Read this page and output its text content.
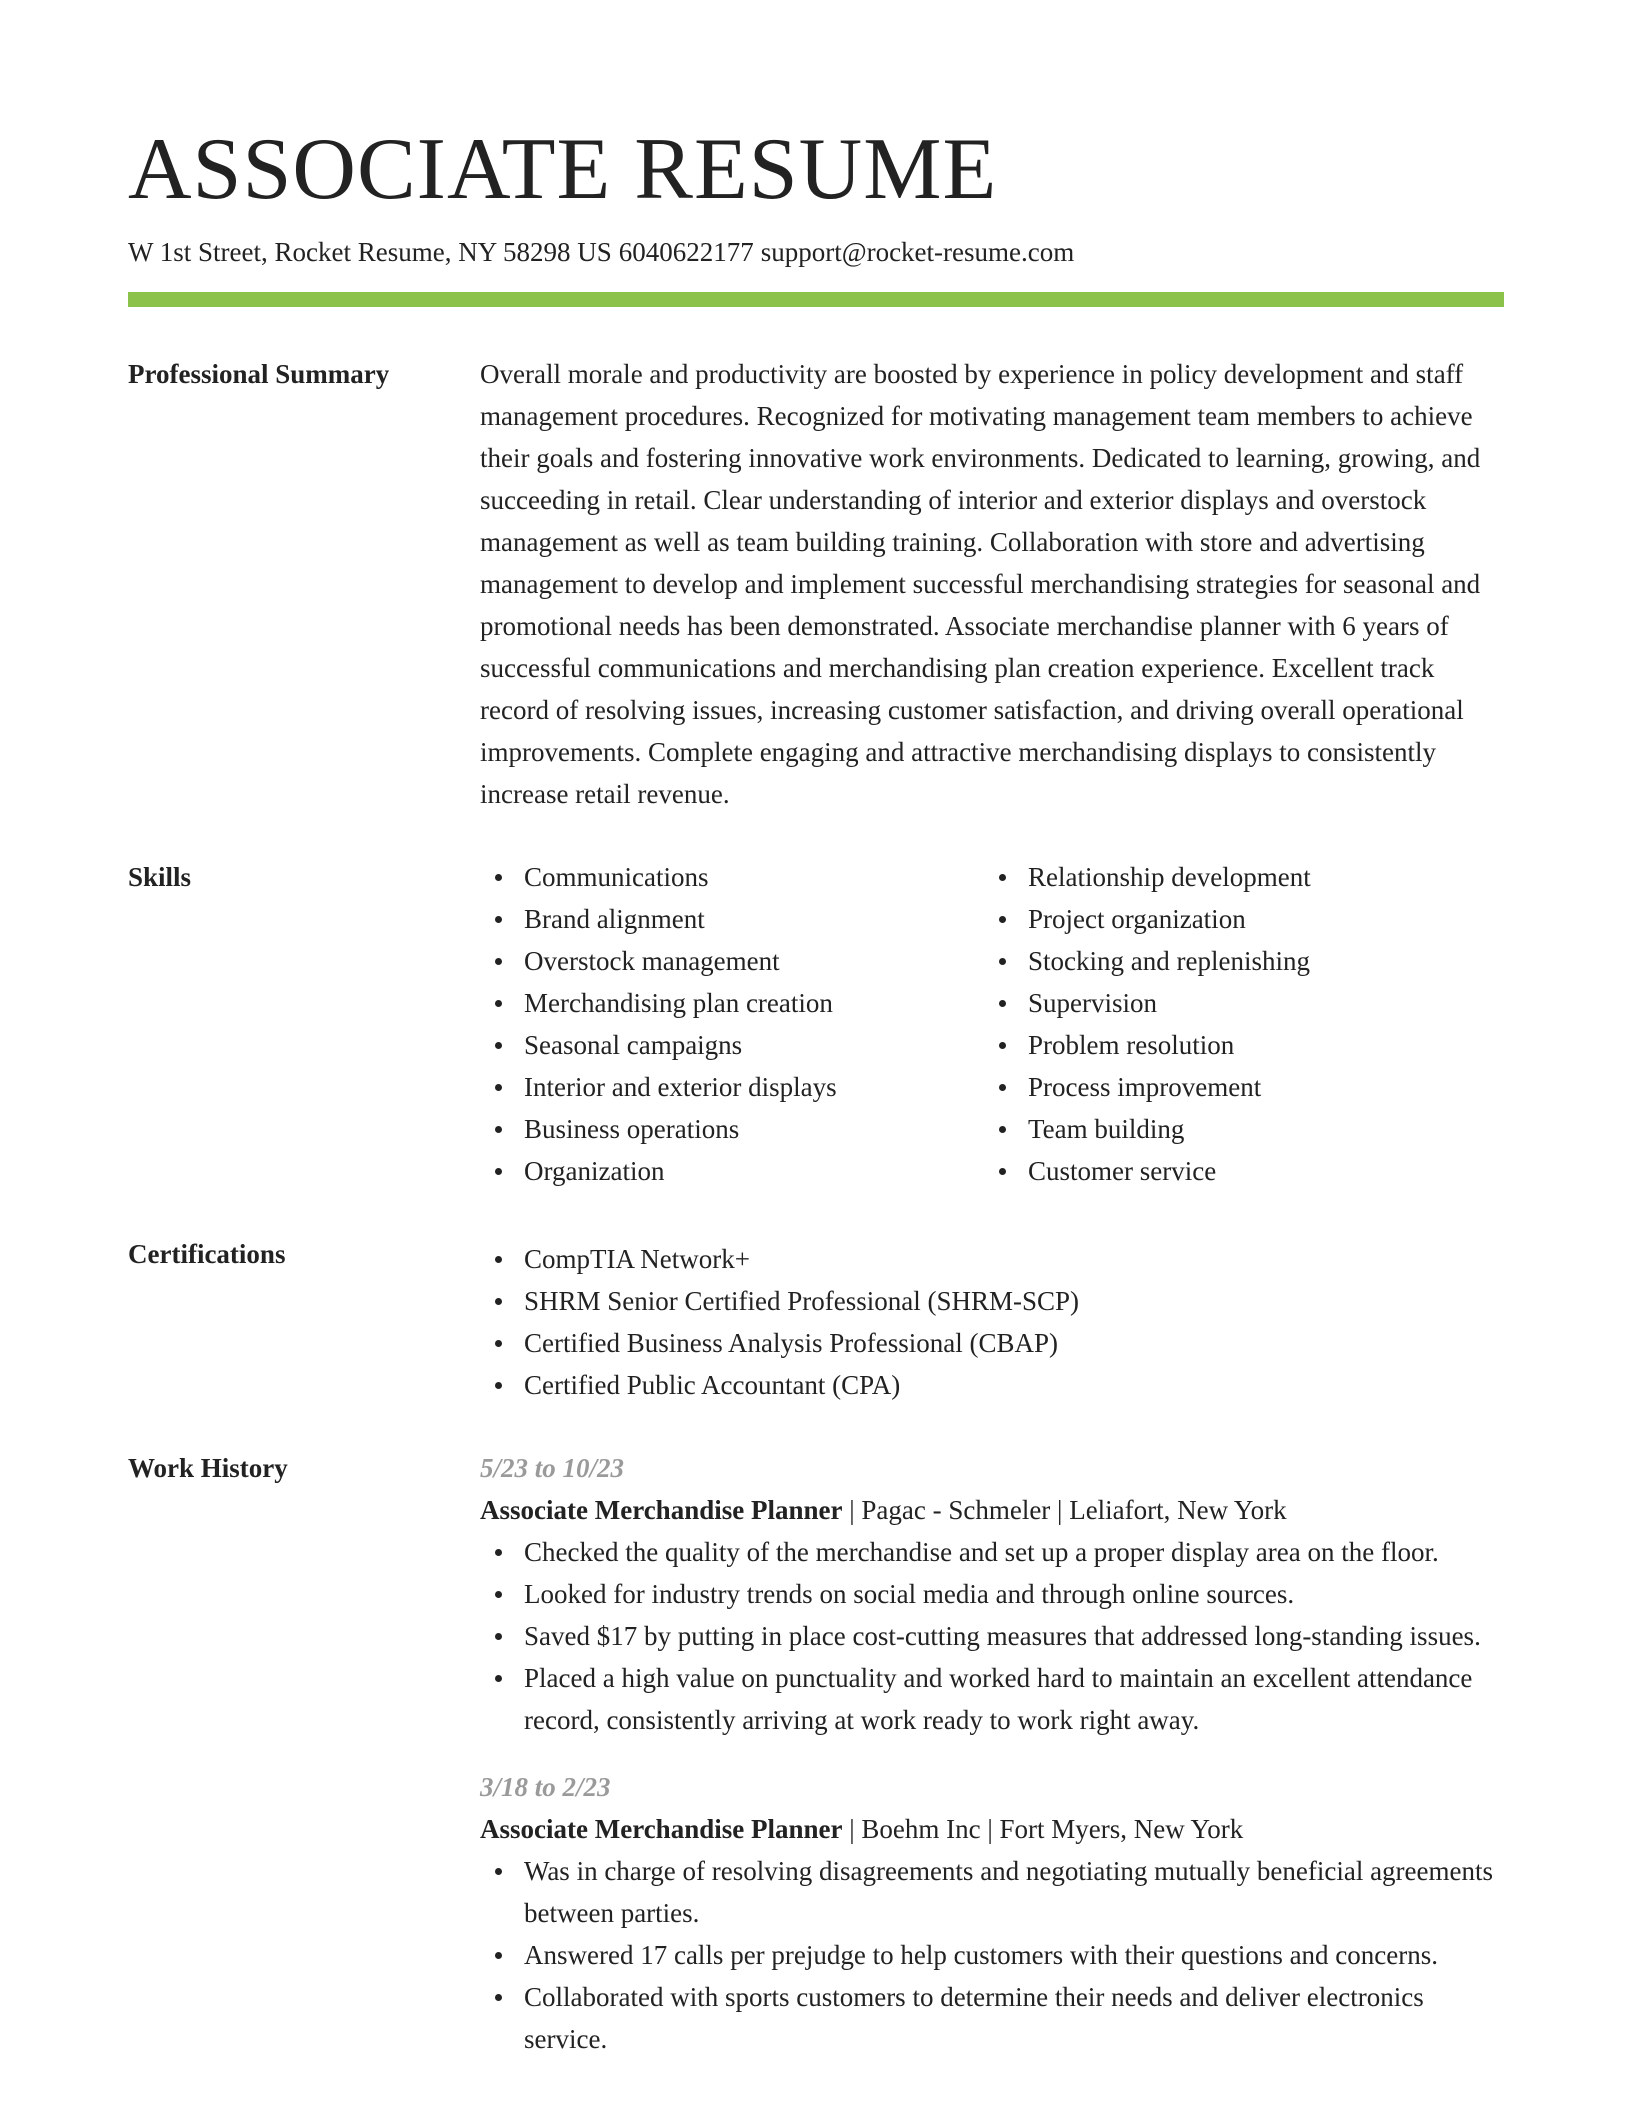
ASSOCIATE RESUME
W 1st Street, Rocket Resume, NY 58298 US 6040622177 support@rocket-resume.com
Professional Summary	Overall morale and productivity are boosted by experience in policy development and staff management procedures. Recognized for motivating management team members to achieve their goals and fostering innovative work environments. Dedicated to learning, growing, and succeeding in retail. Clear understanding of interior and exterior displays and overstock management as well as team building training. Collaboration with store and advertising management to develop and implement successful merchandising strategies for seasonal and promotional needs has been demonstrated. Associate merchandise planner with 6 years of successful communications and merchandising plan creation experience. Excellent track record of resolving issues, increasing customer satisfaction, and driving overall operational improvements. Complete engaging and attractive merchandising displays to consistently increase retail revenue.

Skills	Communications
Brand alignment
Overstock management
Merchandising plan creation
Seasonal campaigns
Interior and exterior displays
Business operations
Organization
Relationship development
Project organization
Stocking and replenishing
Supervision
Problem resolution
Process improvement
Team building
Customer service
Certifications	CompTIA Network+
SHRM Senior Certified Professional (SHRM-SCP)
Certified Business Analysis Professional (CBAP)
Certified Public Accountant (CPA)
Work History	5/23 to 10/23
Associate Merchandise Planner | Pagac - Schmeler | Leliafort, New York
Checked the quality of the merchandise and set up a proper display area on the floor.
Looked for industry trends on social media and through online sources.
Saved $17 by putting in place cost-cutting measures that addressed long-standing issues.
Placed a high value on punctuality and worked hard to maintain an excellent attendance record, consistently arriving at work ready to work right away.
3/18 to 2/23
Associate Merchandise Planner | Boehm Inc | Fort Myers, New York
Was in charge of resolving disagreements and negotiating mutually beneficial agreements between parties.
Answered 17 calls per prejudge to help customers with their questions and concerns.
Collaborated with sports customers to determine their needs and deliver electronics service.
